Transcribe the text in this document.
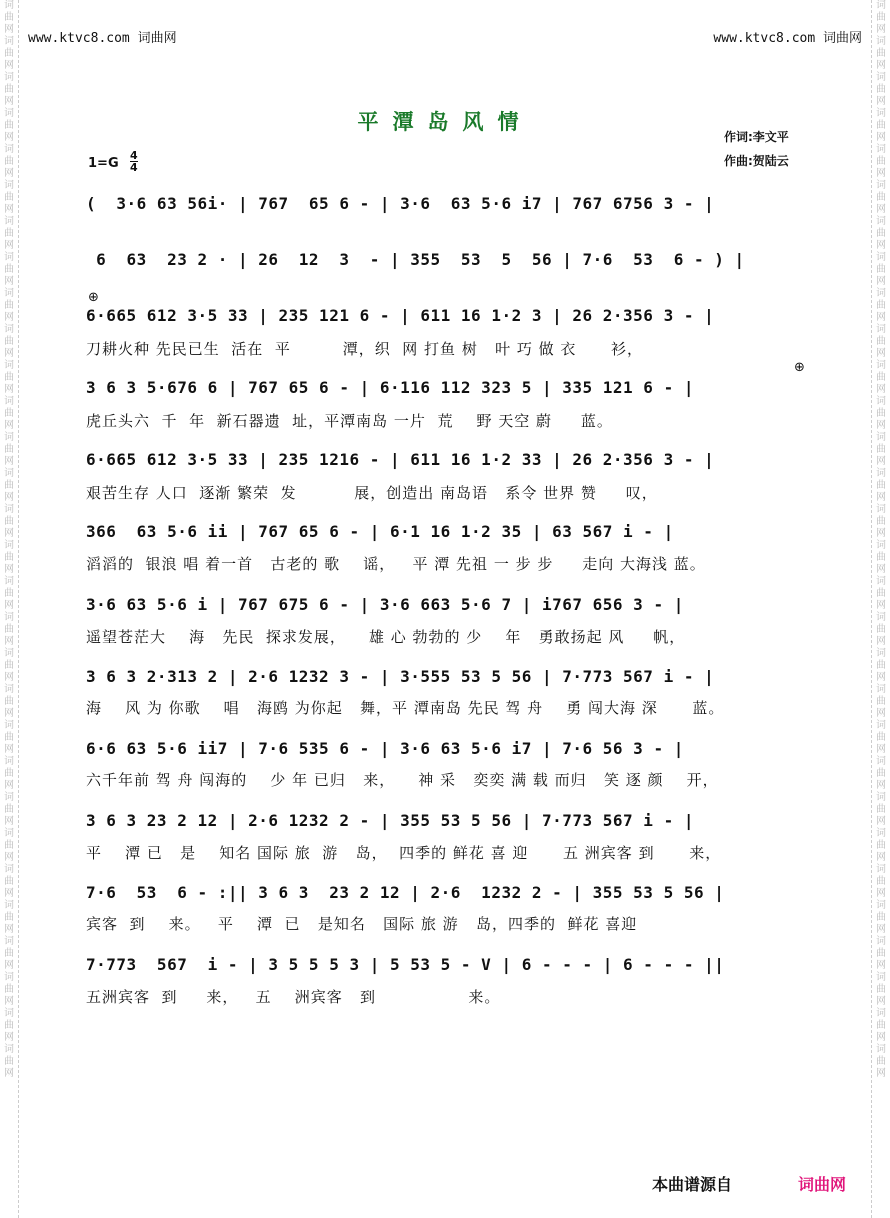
词曲网词曲网词曲网词曲网词曲网词曲网词曲网词曲网词曲网词曲网词曲网词曲网词曲网词曲网词曲网词曲网词曲网词曲网词曲网词曲网词曲网词曲网词曲网词曲网词曲网词曲网词曲网词曲网词曲网词曲网
词曲网词曲网词曲网词曲网词曲网词曲网词曲网词曲网词曲网词曲网词曲网词曲网词曲网词曲网词曲网词曲网词曲网词曲网词曲网词曲网词曲网词曲网词曲网词曲网词曲网词曲网词曲网词曲网词曲网词曲网
www.ktvc8.com 词曲网	www.ktvc8.com 词曲网
平潭岛风情
作词:李文平
作曲:贺陆云
$1=G \frac{4}{4}$
(  3·6 63 56i· | 767  65 6 - | 3·6  63 5·6 i7 | 767 6756 3 - |
6  63  23 2 · | 26  12  3  - | 355  53  5  56 | 7·6  53  6 - ) |
⊕
6·665 612 3·5 33 | 235 121 6 - | 611 16 1·2 3 | 26 2·356 3 - |
刀耕火种 先民已生  活在  平         潭，织  网 打鱼 树   叶 巧 做 衣      衫，
3 6 3 5·676 6 | 767 65 6 - | 6·116 112 323 5 | 335 121 6 - |
虎丘头六  千  年  新石器遗  址，平潭南岛 一片  荒    野 天空 蔚     蓝。
⊕
6·665 612 3·5 33 | 235 1216 - | 611 16 1·2 33 | 26 2·356 3 - |
艰苦生存 人口  逐渐 繁荣  发          展，创造出 南岛语   系令 世界 赞     叹，
366  63 5·6 ii | 767 65 6 - | 6·1 16 1·2 35 | 63 567 i - |
滔滔的  银浪 唱 着一首   古老的 歌    谣，   平 潭 先祖 一 步 步     走向 大海浅 蓝。
3·6 63 5·6 i | 767 675 6 - | 3·6 663 5·6 7 | i767 656 3 - |
遥望苍茫大    海   先民  探求发展，    雄 心 勃勃的 少    年   勇敢扬起 风     帆，
3 6 3 2·313 2 | 2·6 1232 3 - | 3·555 53 5 56 | 7·773 567 i - |
海    风 为 你歌    唱   海鸥 为你起   舞，平 潭南岛 先民 驾 舟    勇 闯大海 深      蓝。
6·6 63 5·6 ii7 | 7·6 535 6 - | 3·6 63 5·6 i7 | 7·6 56 3 - |
六千年前 驾 舟 闯海的    少 年 已归   来，    神 采   奕奕 满 载 而归   笑 逐 颜    开，
3 6 3 23 2 12 | 2·6 1232 2 - | 355 53 5 56 | 7·773 567 i - |
平    潭 已   是    知名 国际 旅  游   岛，  四季的 鲜花 喜 迎      五 洲宾客 到      来，
7·6  53  6 - :|| 3 6 3  23 2 12 | 2·6  1232 2 - | 355 53 5 56 |
宾客  到    来。   平    潭  已   是知名   国际 旅 游   岛，四季的  鲜花 喜迎
7·773  567  i - | 3 5 5 5 3 | 5 53 5 - V | 6 - - - | 6 - - - ||
五洲宾客  到     来，   五    洲宾客   到                来。
本曲谱源自	词曲网
